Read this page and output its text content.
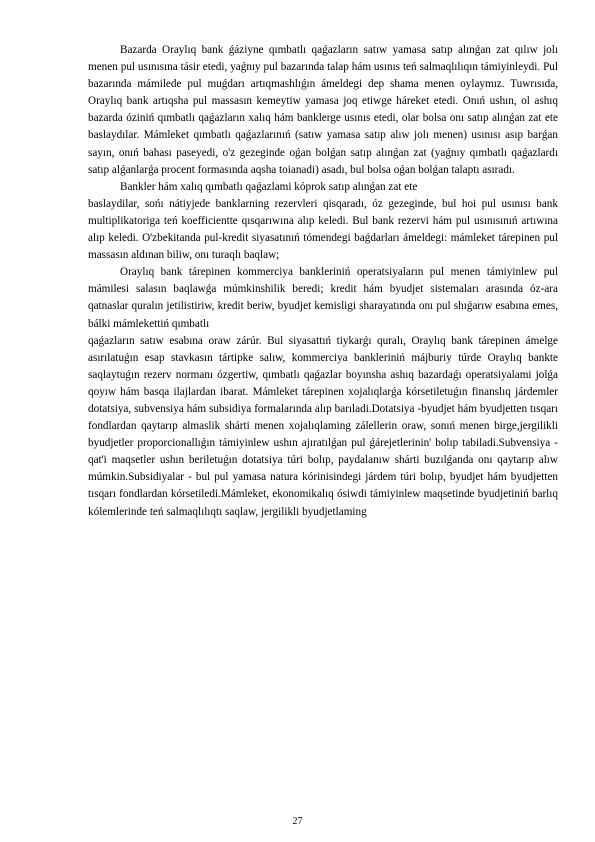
Bazarda Oraylıq bank ǵáziyne qımbatlı qaǵazların satıw yamasa satıp alınǵan zat qılıw jolı menen pul usınısına tásir etedi, yaǵnıy pul bazarında talap hám usınıs teń salmaqlılıqın támiyinleydi. Pul bazarında mámilede pul muǵdarı artıqmashlıǵın ámeldegi dep shama menen oylaymız. Tuwrısıda, Oraylıq bank artıqsha pul massasın kemeytiw yamasa joq etiwge háreket etedi. Onıń ushın, ol ashıq bazarda óziniń qımbatlı qaǵazların xalıq hám banklerge usınıs etedi, olar bolsa onı satıp alınǵan zat ete baslaydılar. Mámleket qımbatlı qaǵazlarınıń (satıw yamasa satıp alıw jolı menen) usınısı asıp barǵan sayın, onıń bahası paseyedi, o'z gezeginde oǵan bolǵan satıp alınǵan zat (yaǵnıy qımbatlı qaǵazlardı satıp alǵanlarǵa procent formasında aqsha toianadi) asadı, bul bolsa oǵan bolǵan talaptı asıradı.

Bankler hám xalıq qımbatlı qaǵazlami kóprok satıp alınǵan zat ete

baslaydilar, sońı nátiyjede banklarning rezervleri qisqaradı, óz gezeginde, bul hoi pul usınısı bank multiplikatoriga teń koefficientte qısqarıwına alıp keledi. Bul bank rezervi hám pul usınısınıń artıwına alıp keledi. O'zbekitanda pul-kredit siyasatınıń tómendegi baǵdarları ámeldegi: mámleket tárepinen pul massasın aldınan biliw, onı turaqlı baqlaw;

Oraylıq bank tárepinen kommerciya bankleriniń operatsiyaların pul menen támiyinlew pul mámilesi salasın baqlawǵa múmkinshilik beredi; kredit hám byudjet sistemaları arasında óz-ara qatnaslar quralın jetilistiriw, kredit beriw, byudjet kemisligi sharayatında onı pul shıǵarıw esabına emes, bálki mámlekettiń qımbatlı

qaǵazların satıw esabına oraw zárúr. Bul siyasattıń tiykarǵı quralı, Oraylıq bank tárepinen ámelge asırılatuǵın esap stavkasın tártipke salıw, kommerciya bankleriniń májburiy túrde Oraylıq bankte saqlaytuǵın rezerv normanı ózgertiw, qımbatlı qaǵazlar boyınsha ashıq bazardaǵı operatsiyalami jolǵa qoyıw hám basqa ilajlardan ibarat. Mámleket tárepinen xojalıqlarǵa kórsetiletuǵın finanslıq járdemler dotatsiya, subvensiya hám subsidiya formalarında alıp barıladi.Dotatsiya -byudjet hám byudjetten tısqarı fondlardan qaytarıp almaslik shárti menen xojalıqlaming zálellerin oraw, sonıń menen birge,jergilikli byudjetler proporcionallıǵın támiyinlew ushın ajıratılǵan pul ǵárejetlerinin' bolıp tabiladi.Subvensiya - qat'i maqsetler ushın beriletuǵın dotatsiya túri bolıp, paydalanıw shárti buzılǵanda onı qaytarıp alıw múmkin.Subsidiyalar - bul pul yamasa natura kórinisindegi járdem túri bolıp, byudjet hám byudjetten tısqarı fondlardan kórsetiledi.Mámleket, ekonomikalıq ósiwdi támiyinlew maqsetinde byudjetiniń barlıq kólemlerinde teń salmaqlılıqtı saqlaw, jergilikli byudjetlaming

27
